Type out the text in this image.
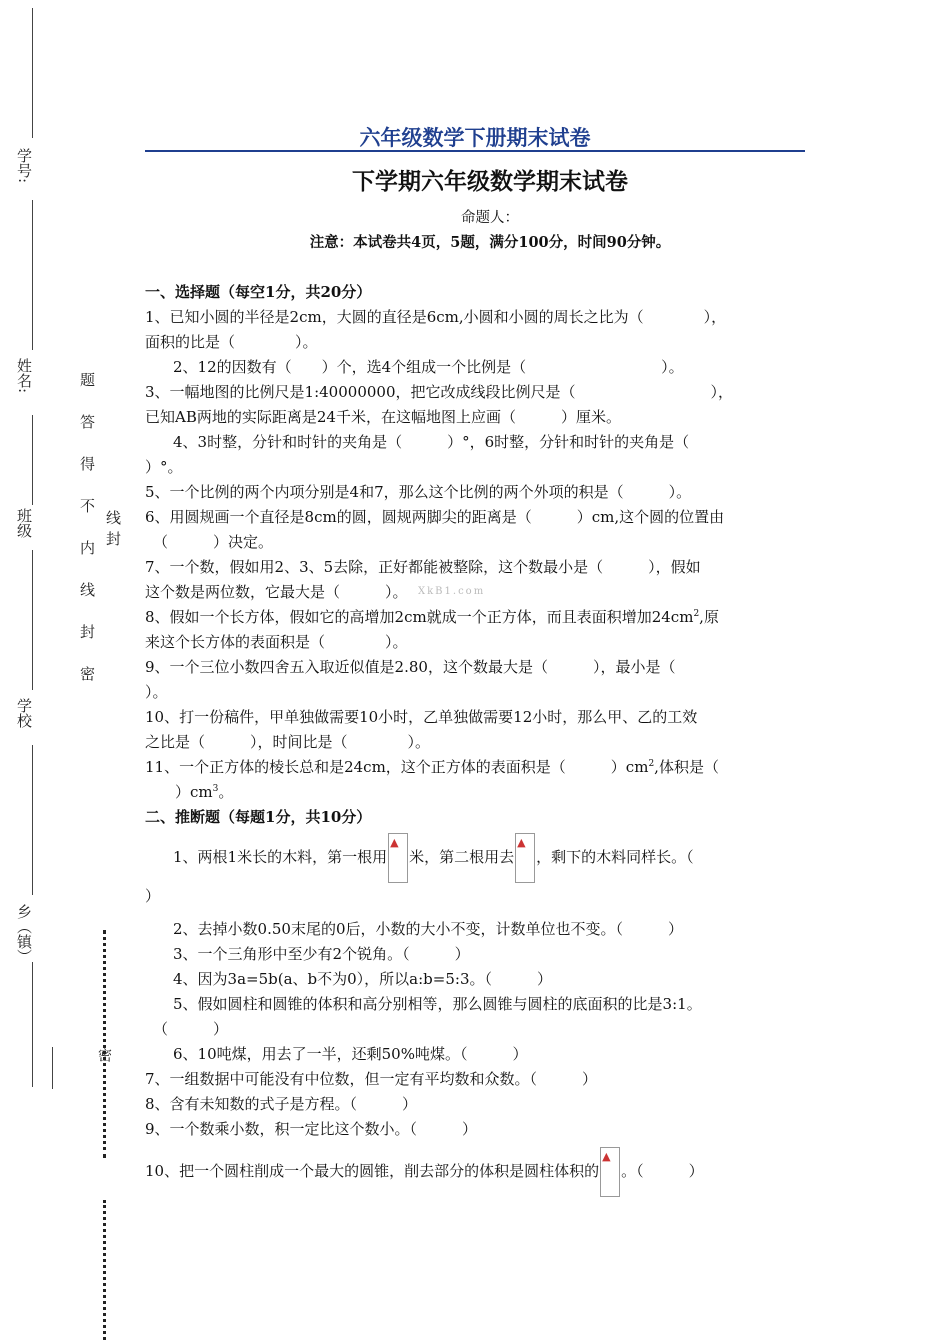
学号:
姓名:
班级
学校
乡（镇）
题答得不内线封密 线封
密
六年级数学下册期末试卷
下学期六年级数学期末试卷
命题人：
注意：本试卷共4页，5题，满分100分，时间90分钟。
XkB1.com

一、选择题（每空1分，共20分）

1、已知小圆的半径是2cm，大圆的直径是6cm,小圆和小圆的周长之比为（　　　　），

面积的比是（　　　　）。

2、12的因数有（　　）个，选4个组成一个比例是（　　　　　　　　　）。

3、一幅地图的比例尺是1:40000000，把它改成线段比例尺是（　　　　　　　　　），

已知AB两地的实际距离是24千米，在这幅地图上应画（　　　）厘米。

4、3时整，分针和时针的夹角是（　　　）°，6时整，分针和时针的夹角是（

）°。

5、一个比例的两个内项分别是4和7，那么这个比例的两个外项的积是（　　　）。

6、用圆规画一个直径是8cm的圆，圆规两脚尖的距离是（　　　）cm,这个圆的位置由

（　　　）决定。

7、一个数，假如用2、3、5去除，正好都能被整除，这个数最小是（　　　），假如

这个数是两位数，它最大是（　　　）。

8、假如一个长方体，假如它的高增加2cm就成一个正方体，而且表面积增加$24cm^2$,原

来这个长方体的表面积是（　　　　）。

9、一个三位小数四舍五入取近似值是2.80，这个数最大是（　　　），最小是（

）。

10、打一份稿件，甲单独做需要10小时，乙单独做需要12小时，那么甲、乙的工效

之比是（　　　），时间比是（　　　　）。

11、一个正方体的棱长总和是24cm，这个正方体的表面积是（　　　）$cm^2$,体积是（

）$cm^3$。

二、推断题（每题1分，共10分）

1、两根1米长的木料，第一根用
▲
米，第二根用去
▲
，剩下的木料同样长。（

）

2、去掉小数0.50末尾的0后，小数的大小不变，计数单位也不变。（　　　）

3、一个三角形中至少有2个锐角。（　　　）

4、因为3a=5b(a、b不为0），所以a:b=5:3。（　　　）

5、假如圆柱和圆锥的体积和高分别相等，那么圆锥与圆柱的底面积的比是3:1。

（　　　）

6、10吨煤，用去了一半，还剩50%吨煤。（　　　）

7、一组数据中可能没有中位数，但一定有平均数和众数。（　　　）

8、含有未知数的式子是方程。（　　　）

9、一个数乘小数，积一定比这个数小。（　　　）

10、把一个圆柱削成一个最大的圆锥，削去部分的体积是圆柱体积的
▲
。（　　　）
